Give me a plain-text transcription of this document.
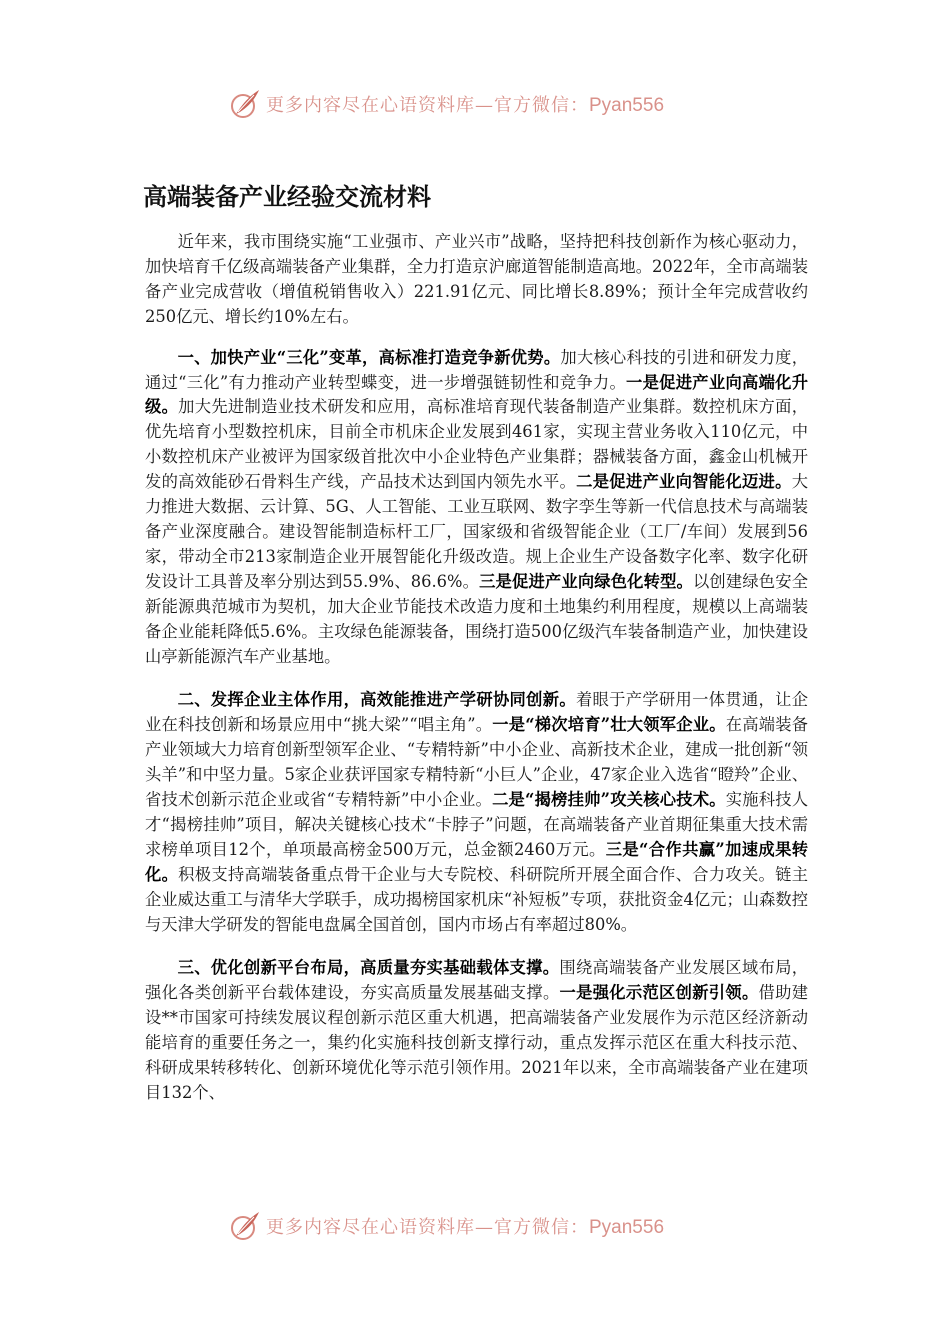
更多内容尽在心语资料库—官方微信：Pyan556
高端装备产业经验交流材料

近年来，我市围绕实施“工业强市、产业兴市”战略，坚持把科技创新作为核心驱动力，加快培育千亿级高端装备产业集群，全力打造京沪廊道智能制造高地。2022年，全市高端装备产业完成营收（增值税销售收入）221.91亿元、同比增长8.89%；预计全年完成营收约250亿元、增长约10%左右。

一、加快产业“三化”变革，高标准打造竞争新优势。加大核心科技的引进和研发力度，通过“三化”有力推动产业转型蝶变，进一步增强链韧性和竞争力。一是促进产业向高端化升级。加大先进制造业技术研发和应用，高标准培育现代装备制造产业集群。数控机床方面，优先培育小型数控机床，目前全市机床企业发展到461家，实现主营业务收入110亿元，中小数控机床产业被评为国家级首批次中小企业特色产业集群；器械装备方面，鑫金山机械开发的高效能砂石骨料生产线，产品技术达到国内领先水平。二是促进产业向智能化迈进。大力推进大数据、云计算、5G、人工智能、工业互联网、数字孪生等新一代信息技术与高端装备产业深度融合。建设智能制造标杆工厂，国家级和省级智能企业（工厂/车间）发展到56家，带动全市213家制造企业开展智能化升级改造。规上企业生产设备数字化率、数字化研发设计工具普及率分别达到55.9%、86.6%。三是促进产业向绿色化转型。以创建绿色安全新能源典范城市为契机，加大企业节能技术改造力度和土地集约利用程度，规模以上高端装备企业能耗降低5.6%。主攻绿色能源装备，围绕打造500亿级汽车装备制造产业，加快建设山亭新能源汽车产业基地。

二、发挥企业主体作用，高效能推进产学研协同创新。着眼于产学研用一体贯通，让企业在科技创新和场景应用中“挑大梁”“唱主角”。一是“梯次培育”壮大领军企业。在高端装备产业领域大力培育创新型领军企业、“专精特新”中小企业、高新技术企业，建成一批创新“领头羊”和中坚力量。5家企业获评国家专精特新“小巨人”企业，47家企业入选省“瞪羚”企业、省技术创新示范企业或省“专精特新”中小企业。二是“揭榜挂帅”攻关核心技术。实施科技人才“揭榜挂帅”项目，解决关键核心技术“卡脖子”问题，在高端装备产业首期征集重大技术需求榜单项目12个，单项最高榜金500万元，总金额2460万元。三是“合作共赢”加速成果转化。积极支持高端装备重点骨干企业与大专院校、科研院所开展全面合作、合力攻关。链主企业威达重工与清华大学联手，成功揭榜国家机床“补短板”专项，获批资金4亿元；山森数控与天津大学研发的智能电盘属全国首创，国内市场占有率超过80%。

三、优化创新平台布局，高质量夯实基础载体支撑。围绕高端装备产业发展区域布局，强化各类创新平台载体建设，夯实高质量发展基础支撑。一是强化示范区创新引领。借助建设**市国家可持续发展议程创新示范区重大机遇，把高端装备产业发展作为示范区经济新动能培育的重要任务之一，集约化实施科技创新支撑行动，重点发挥示范区在重大科技示范、科研成果转移转化、创新环境优化等示范引领作用。2021年以来，全市高端装备产业在建项目132个、

更多内容尽在心语资料库—官方微信：Pyan556
